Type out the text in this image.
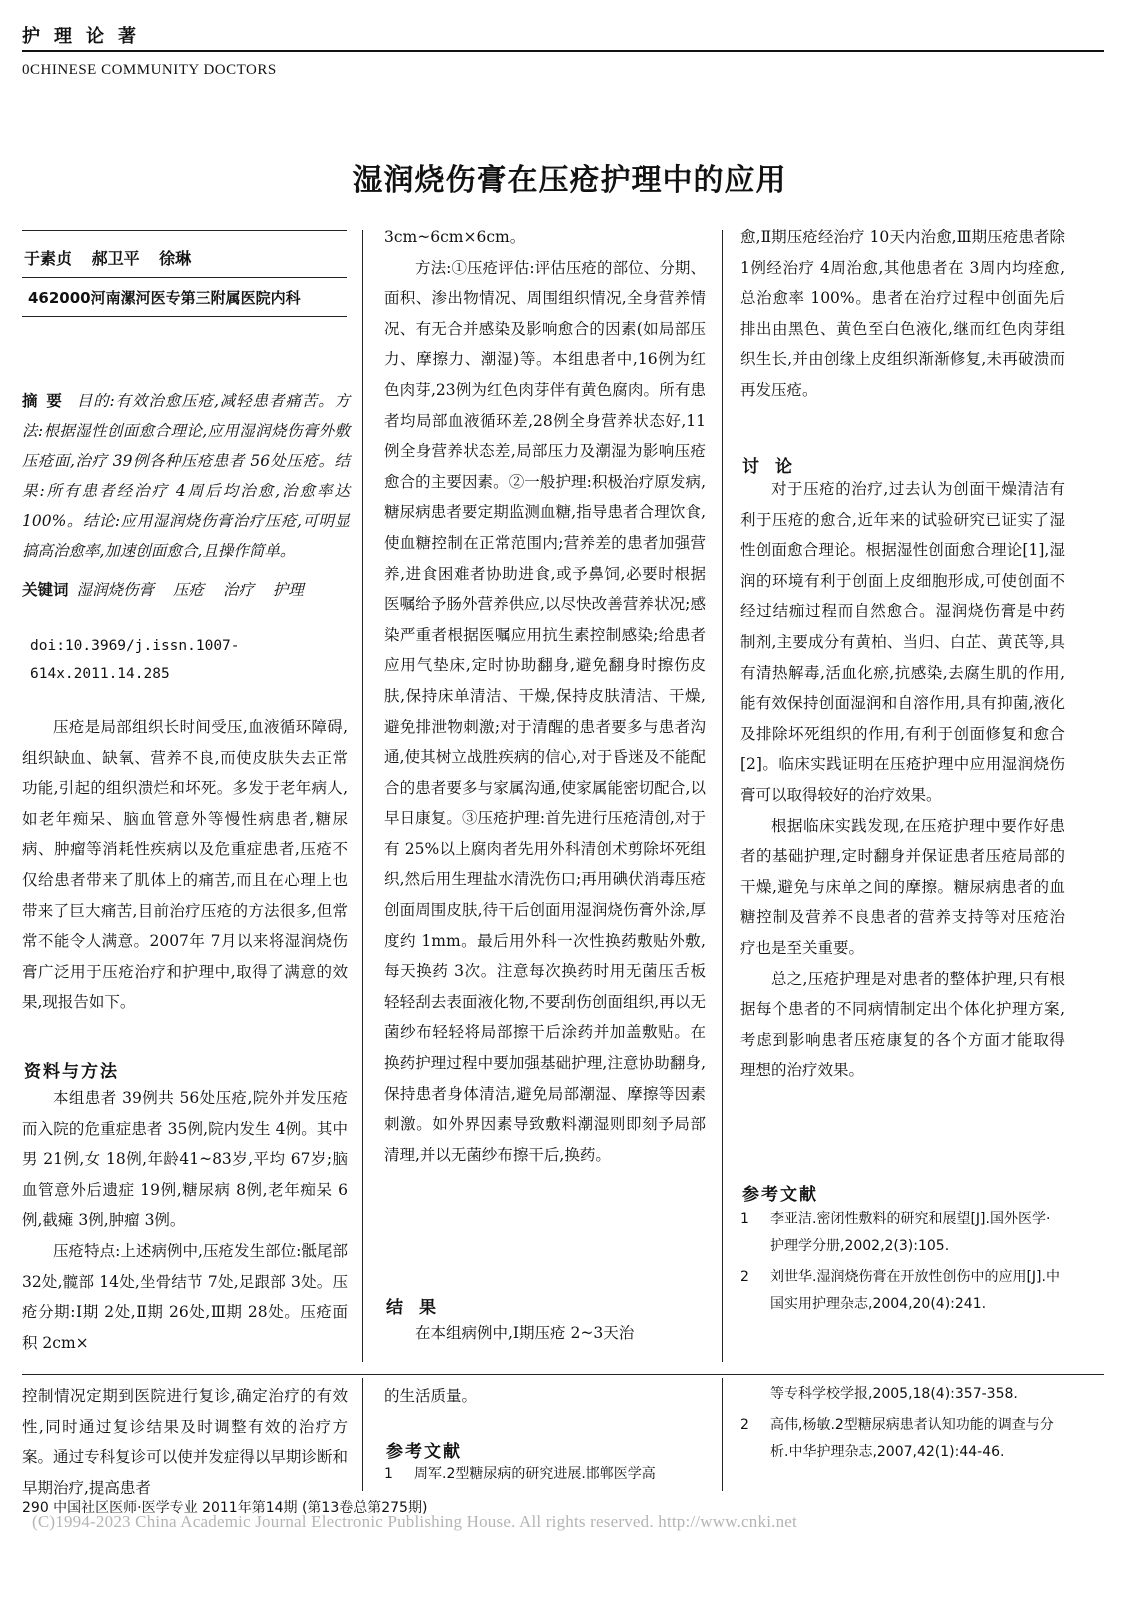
护理论著
0CHINESE COMMUNITY DOCTORS
湿润烧伤膏在压疮护理中的应用
于素贞 郝卫平 徐琳
462000河南漯河医专第三附属医院内科
摘要 目的:有效治愈压疮,减轻患者痛苦。方法:根据湿性创面愈合理论,应用湿润烧伤膏外敷压疮面,治疗 39例各种压疮患者 56处压疮。结果:所有患者经治疗 4周后均治愈,治愈率达 100%。结论:应用湿润烧伤膏治疗压疮,可明显搞高治愈率,加速创面愈合,且操作简单。
关键词 湿润烧伤膏 压疮 治疗 护理
doi:10.3969/j.issn.1007-614x.2011.14.285

压疮是局部组织长时间受压,血液循环障碍,组织缺血、缺氧、营养不良,而使皮肤失去正常功能,引起的组织溃烂和坏死。多发于老年病人,如老年痴呆、脑血管意外等慢性病患者,糖尿病、肿瘤等消耗性疾病以及危重症患者,压疮不仅给患者带来了肌体上的痛苦,而且在心理上也带来了巨大痛苦,目前治疗压疮的方法很多,但常常不能令人满意。2007年 7月以来将湿润烧伤膏广泛用于压疮治疗和护理中,取得了满意的效果,现报告如下。

资料与方法

本组患者 39例共 56处压疮,院外并发压疮而入院的危重症患者 35例,院内发生 4例。其中男 21例,女 18例,年龄41~83岁,平均 67岁;脑血管意外后遗症 19例,糖尿病 8例,老年痴呆 6例,截瘫 3例,肿瘤 3例。

压疮特点:上述病例中,压疮发生部位:骶尾部 32处,髋部 14处,坐骨结节 7处,足跟部 3处。压疮分期:Ⅰ期 2处,Ⅱ期 26处,Ⅲ期 28处。压疮面积 2cm×

3cm~6cm×6cm。

方法:①压疮评估:评估压疮的部位、分期、面积、渗出物情况、周围组织情况,全身营养情况、有无合并感染及影响愈合的因素(如局部压力、摩擦力、潮湿)等。本组患者中,16例为红色肉芽,23例为红色肉芽伴有黄色腐肉。所有患者均局部血液循环差,28例全身营养状态好,11例全身营养状态差,局部压力及潮湿为影响压疮愈合的主要因素。②一般护理:积极治疗原发病,糖尿病患者要定期监测血糖,指导患者合理饮食,使血糖控制在正常范围内;营养差的患者加强营养,进食困难者协助进食,或予鼻饲,必要时根据医嘱给予肠外营养供应,以尽快改善营养状况;感染严重者根据医嘱应用抗生素控制感染;给患者应用气垫床,定时协助翻身,避免翻身时擦伤皮肤,保持床单清洁、干燥,保持皮肤清洁、干燥,避免排泄物刺激;对于清醒的患者要多与患者沟通,使其树立战胜疾病的信心,对于昏迷及不能配合的患者要多与家属沟通,使家属能密切配合,以早日康复。③压疮护理:首先进行压疮清创,对于有 25%以上腐肉者先用外科清创术剪除坏死组织,然后用生理盐水清洗伤口;再用碘伏消毒压疮创面周围皮肤,待干后创面用湿润烧伤膏外涂,厚度约 1mm。最后用外科一次性换药敷贴外敷,每天换药 3次。注意每次换药时用无菌压舌板轻轻刮去表面液化物,不要刮伤创面组织,再以无菌纱布轻轻将局部擦干后涂药并加盖敷贴。在换药护理过程中要加强基础护理,注意协助翻身,保持患者身体清洁,避免局部潮湿、摩擦等因素刺激。如外界因素导致敷料潮湿则即刻予局部清理,并以无菌纱布擦干后,换药。

结果

在本组病例中,Ⅰ期压疮 2~3天治

愈,Ⅱ期压疮经治疗 10天内治愈,Ⅲ期压疮患者除 1例经治疗 4周治愈,其他患者在 3周内均痊愈,总治愈率 100%。患者在治疗过程中创面先后排出由黑色、黄色至白色液化,继而红色肉芽组织生长,并由创缘上皮组织渐渐修复,未再破溃而再发压疮。

讨论

对于压疮的治疗,过去认为创面干燥清洁有利于压疮的愈合,近年来的试验研究已证实了湿性创面愈合理论。根据湿性创面愈合理论[1],湿润的环境有利于创面上皮细胞形成,可使创面不经过结痂过程而自然愈合。湿润烧伤膏是中药制剂,主要成分有黄柏、当归、白芷、黄芪等,具有清热解毒,活血化瘀,抗感染,去腐生肌的作用,能有效保持创面湿润和自溶作用,具有抑菌,液化及排除坏死组织的作用,有利于创面修复和愈合[2]。临床实践证明在压疮护理中应用湿润烧伤膏可以取得较好的治疗效果。

根据临床实践发现,在压疮护理中要作好患者的基础护理,定时翻身并保证患者压疮局部的干燥,避免与床单之间的摩擦。糖尿病患者的血糖控制及营养不良患者的营养支持等对压疮治疗也是至关重要。

总之,压疮护理是对患者的整体护理,只有根据每个患者的不同病情制定出个体化护理方案,考虑到影响患者压疮康复的各个方面才能取得理想的治疗效果。

参考文献
1	李亚洁.密闭性敷料的研究和展望[J].国外医学·护理学分册,2002,2(3):105.
2	刘世华.湿润烧伤膏在开放性创伤中的应用[J].中国实用护理杂志,2004,20(4):241.

控制情况定期到医院进行复诊,确定治疗的有效性,同时通过复诊结果及时调整有效的治疗方案。通过专科复诊可以使并发症得以早期诊断和早期治疗,提高患者

的生活质量。

参考文献
1	周军.2型糖尿病的研究进展.邯郸医学高
等专科学校学报,2005,18(4):357-358.
2	高伟,杨敏.2型糖尿病患者认知功能的调查与分析.中华护理杂志,2007,42(1):44-46.
290 中国社区医师·医学专业 2011年第14期 (第13卷总第275期)
(C)1994-2023 China Academic Journal Electronic Publishing House. All rights reserved. http://www.cnki.net
